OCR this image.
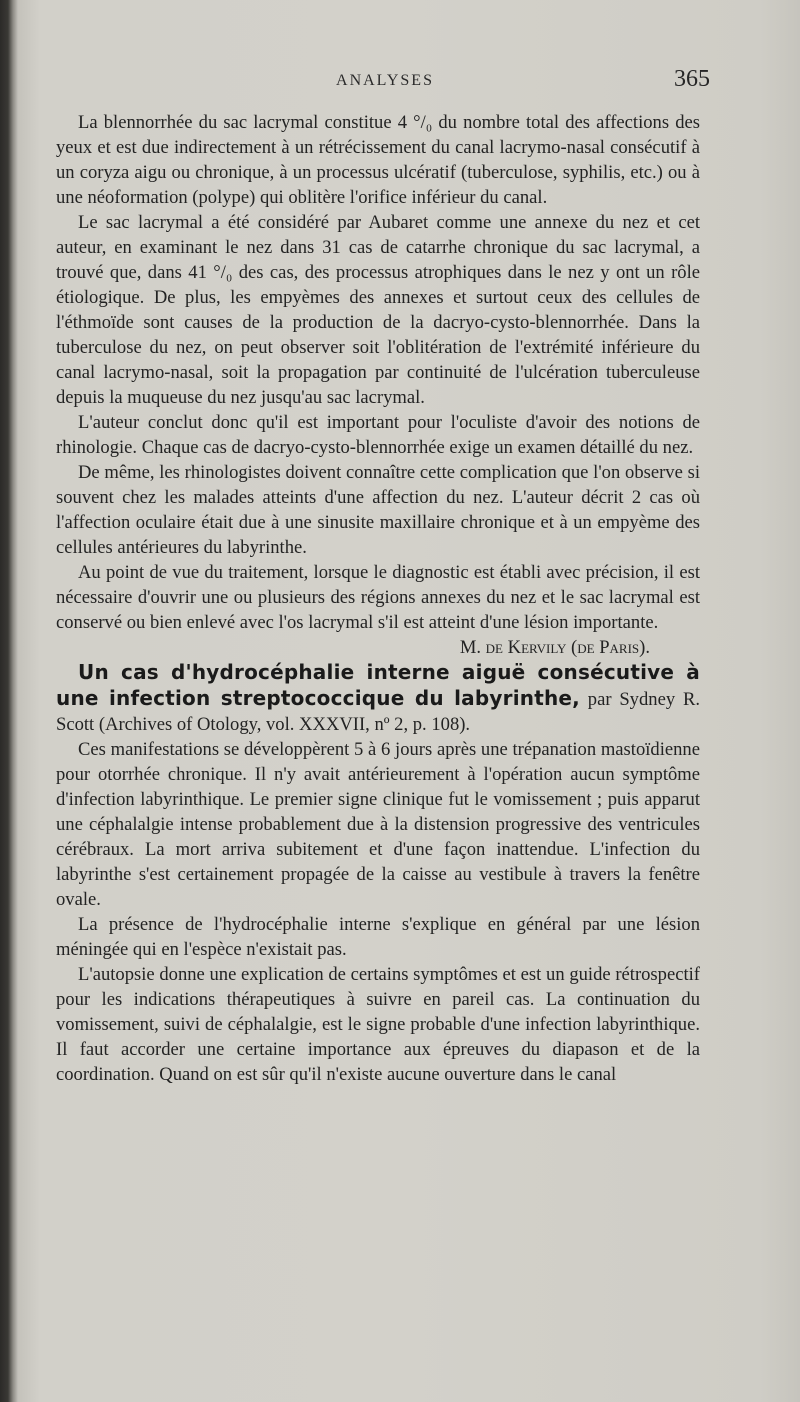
ANALYSES	365

La blennorrhée du sac lacrymal constitue 4 °/₀ du nombre total des affections des yeux et est due indirectement à un rétrécissement du canal lacrymo-nasal consécutif à un coryza aigu ou chronique, à un processus ulcératif (tuberculose, syphilis, etc.) ou à une néoformation (polype) qui oblitère l'orifice inférieur du canal.

Le sac lacrymal a été considéré par Aubaret comme une annexe du nez et cet auteur, en examinant le nez dans 31 cas de catarrhe chronique du sac lacrymal, a trouvé que, dans 41 °/₀ des cas, des processus atrophiques dans le nez y ont un rôle étiologique. De plus, les empyèmes des annexes et surtout ceux des cellules de l'éthmoïde sont causes de la production de la dacryo-cysto-blennorrhée. Dans la tuberculose du nez, on peut observer soit l'oblitération de l'extrémité inférieure du canal lacrymo-nasal, soit la propagation par continuité de l'ulcération tuberculeuse depuis la muqueuse du nez jusqu'au sac lacrymal.

L'auteur conclut donc qu'il est important pour l'oculiste d'avoir des notions de rhinologie. Chaque cas de dacryo-cysto-blennorrhée exige un examen détaillé du nez.

De même, les rhinologistes doivent connaître cette complication que l'on observe si souvent chez les malades atteints d'une affection du nez. L'auteur décrit 2 cas où l'affection oculaire était due à une sinusite maxillaire chronique et à un empyème des cellules antérieures du labyrinthe.

Au point de vue du traitement, lorsque le diagnostic est établi avec précision, il est nécessaire d'ouvrir une ou plusieurs des régions annexes du nez et le sac lacrymal est conservé ou bien enlevé avec l'os lacrymal s'il est atteint d'une lésion importante.

M. de Kervily (de Paris).

Un cas d'hydrocéphalie interne aiguë consécutive à une infection streptococcique du labyrinthe, par Sydney R. Scott (Archives of Otology, vol. XXXVII, nº 2, p. 108).

Ces manifestations se développèrent 5 à 6 jours après une trépanation mastoïdienne pour otorrhée chronique. Il n'y avait antérieurement à l'opération aucun symptôme d'infection labyrinthique. Le premier signe clinique fut le vomissement ; puis apparut une céphalalgie intense probablement due à la distension progressive des ventricules cérébraux. La mort arriva subitement et d'une façon inattendue. L'infection du labyrinthe s'est certainement propagée de la caisse au vestibule à travers la fenêtre ovale.

La présence de l'hydrocéphalie interne s'explique en général par une lésion méningée qui en l'espèce n'existait pas.

L'autopsie donne une explication de certains symptômes et est un guide rétrospectif pour les indications thérapeutiques à suivre en pareil cas. La continuation du vomissement, suivi de céphalalgie, est le signe probable d'une infection labyrinthique. Il faut accorder une certaine importance aux épreuves du diapason et de la coordination. Quand on est sûr qu'il n'existe aucune ouverture dans le canal
